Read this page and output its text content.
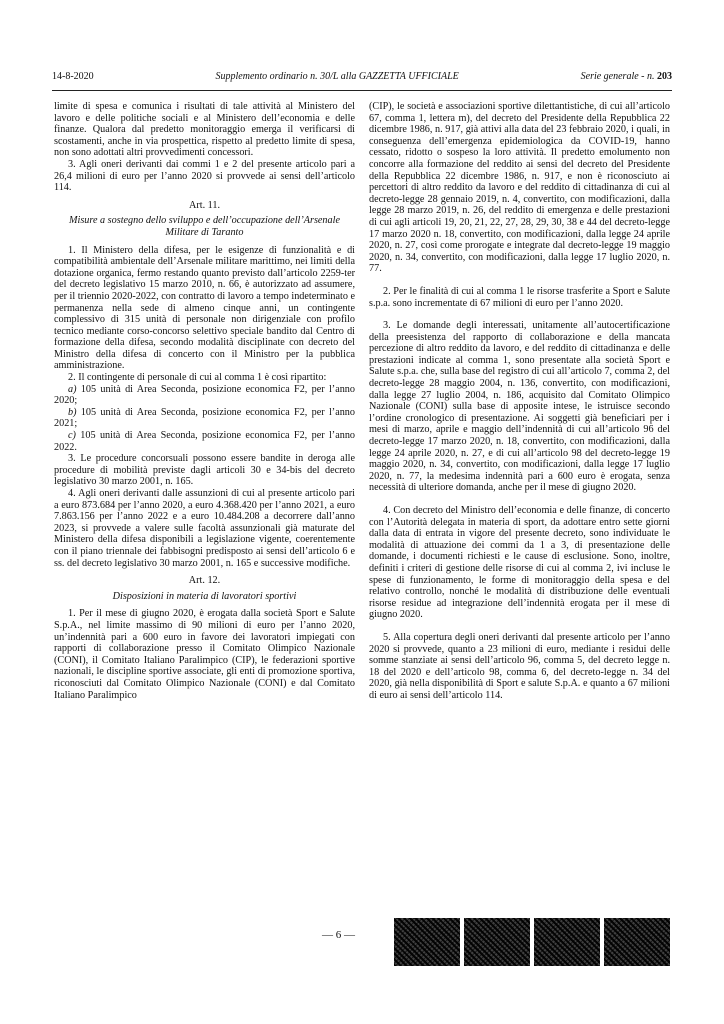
14-8-2020	Supplemento ordinario n. 30/L alla GAZZETTA UFFICIALE	Serie generale - n. 203

limite di spesa e comunica i risultati di tale attività al Ministero del lavoro e delle politiche sociali e al Ministero dell’economia e delle finanze. Qualora dal predetto monitoraggio emerga il verificarsi di scostamenti, anche in via prospettica, rispetto al predetto limite di spesa, non sono adottati altri provvedimenti concessori.

3. Agli oneri derivanti dai commi 1 e 2 del presente articolo pari a 26,4 milioni di euro per l’anno 2020 si provvede ai sensi dell’articolo 114.

Art. 11.
Misure a sostegno dello sviluppo e dell’occupazione dell’Arsenale Militare di Taranto

1. Il Ministero della difesa, per le esigenze di funzionalità e di compatibilità ambientale dell’Arsenale militare marittimo, nei limiti della dotazione organica, fermo restando quanto previsto dall’articolo 2259-ter del decreto legislativo 15 marzo 2010, n. 66, è autorizzato ad assumere, per il triennio 2020-2022, con contratto di lavoro a tempo indeterminato e permanenza nella sede di almeno cinque anni, un contingente complessivo di 315 unità di personale non dirigenziale con profilo tecnico mediante corso-concorso selettivo speciale bandito dal Centro di formazione della difesa, secondo modalità disciplinate con decreto del Ministro della difesa di concerto con il Ministro per la pubblica amministrazione.

2. Il contingente di personale di cui al comma 1 è così ripartito:

a) 105 unità di Area Seconda, posizione economica F2, per l’anno 2020;

b) 105 unità di Area Seconda, posizione economica F2, per l’anno 2021;

c) 105 unità di Area Seconda, posizione economica F2, per l’anno 2022.

3. Le procedure concorsuali possono essere bandite in deroga alle procedure di mobilità previste dagli articoli 30 e 34-bis del decreto legislativo 30 marzo 2001, n. 165.

4. Agli oneri derivanti dalle assunzioni di cui al presente articolo pari a euro 873.684 per l’anno 2020, a euro 4.368.420 per l’anno 2021, a euro 7.863.156 per l’anno 2022 e a euro 10.484.208 a decorrere dall’anno 2023, si provvede a valere sulle facoltà assunzionali già maturate del Ministero della difesa disponibili a legislazione vigente, coerentemente con il piano triennale dei fabbisogni predisposto ai sensi dell’articolo 6 e ss. del decreto legislativo 30 marzo 2001, n. 165 e successive modifiche.

Art. 12.
Disposizioni in materia di lavoratori sportivi

1. Per il mese di giugno 2020, è erogata dalla società Sport e Salute S.p.A., nel limite massimo di 90 milioni di euro per l’anno 2020, un’indennità pari a 600 euro in favore dei lavoratori impiegati con rapporti di collaborazione presso il Comitato Olimpico Nazionale (CONI), il Comitato Italiano Paralimpico (CIP), le federazioni sportive nazionali, le discipline sportive associate, gli enti di promozione sportiva, riconosciuti dal Comitato Olimpico Nazionale (CONI) e dal Comitato Italiano Paralimpico

(CIP), le società e associazioni sportive dilettantistiche, di cui all’articolo 67, comma 1, lettera m), del decreto del Presidente della Repubblica 22 dicembre 1986, n. 917, già attivi alla data del 23 febbraio 2020, i quali, in conseguenza dell’emergenza epidemiologica da COVID-19, hanno cessato, ridotto o sospeso la loro attività. Il predetto emolumento non concorre alla formazione del reddito ai sensi del decreto del Presidente della Repubblica 22 dicembre 1986, n. 917, e non è riconosciuto ai percettori di altro reddito da lavoro e del reddito di cittadinanza di cui al decreto-legge 28 gennaio 2019, n. 4, convertito, con modificazioni, dalla legge 28 marzo 2019, n. 26, del reddito di emergenza e delle prestazioni di cui agli articoli 19, 20, 21, 22, 27, 28, 29, 30, 38 e 44 del decreto-legge 17 marzo 2020 n. 18, convertito, con modificazioni, dalla legge 24 aprile 2020, n. 27, così come prorogate e integrate dal decreto-legge 19 maggio 2020, n. 34, convertito, con modificazioni, dalla legge 17 luglio 2020, n. 77.

2. Per le finalità di cui al comma 1 le risorse trasferite a Sport e Salute s.p.a. sono incrementate di 67 milioni di euro per l’anno 2020.

3. Le domande degli interessati, unitamente all’autocertificazione della preesistenza del rapporto di collaborazione e della mancata percezione di altro reddito da lavoro, e del reddito di cittadinanza e delle prestazioni indicate al comma 1, sono presentate alla società Sport e Salute s.p.a. che, sulla base del registro di cui all’articolo 7, comma 2, del decreto-legge 28 maggio 2004, n. 136, convertito, con modificazioni, dalla legge 27 luglio 2004, n. 186, acquisito dal Comitato Olimpico Nazionale (CONI) sulla base di apposite intese, le istruisce secondo l’ordine cronologico di presentazione. Ai soggetti già beneficiari per i mesi di marzo, aprile e maggio dell’indennità di cui all’articolo 96 del decreto-legge 17 marzo 2020, n. 18, convertito, con modificazioni, dalla legge 24 aprile 2020, n. 27, e di cui all’articolo 98 del decreto-legge 19 maggio 2020, n. 34, convertito, con modificazioni, dalla legge 17 luglio 2020, n. 77, la medesima indennità pari a 600 euro è erogata, senza necessità di ulteriore domanda, anche per il mese di giugno 2020.

4. Con decreto del Ministro dell’economia e delle finanze, di concerto con l’Autorità delegata in materia di sport, da adottare entro sette giorni dalla data di entrata in vigore del presente decreto, sono individuate le modalità di attuazione dei commi da 1 a 3, di presentazione delle domande, i documenti richiesti e le cause di esclusione. Sono, inoltre, definiti i criteri di gestione delle risorse di cui al comma 2, ivi incluse le spese di funzionamento, le forme di monitoraggio della spesa e del relativo controllo, nonché le modalità di distribuzione delle eventuali risorse residue ad integrazione dell’indennità erogata per il mese di giugno 2020.

5. Alla copertura degli oneri derivanti dal presente articolo per l’anno 2020 si provvede, quanto a 23 milioni di euro, mediante i residui delle somme stanziate ai sensi dell’articolo 96, comma 5, del decreto legge n. 18 del 2020 e dell’articolo 98, comma 6, del decreto-legge n. 34 del 2020, già nella disponibilità di Sport e salute S.p.A. e quanto a 67 milioni di euro ai sensi dell’articolo 114.

— 6 —
